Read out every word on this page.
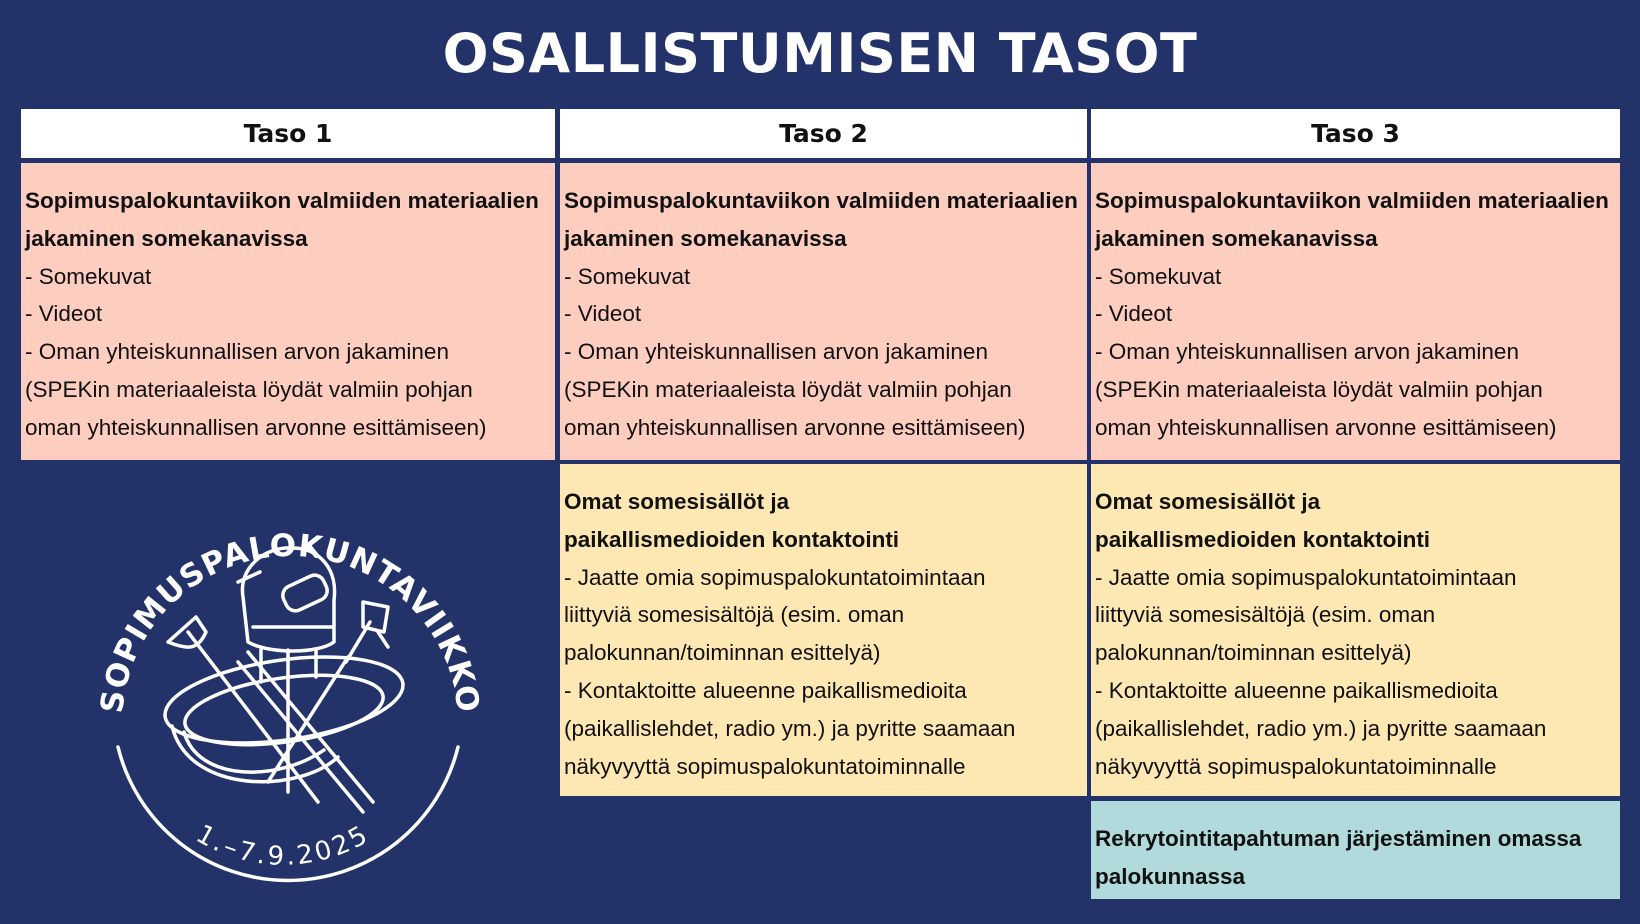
OSALLISTUMISEN TASOT
Taso 1	Taso 2	Taso 3
Sopimuspalokuntaviikon valmiiden materiaalien
jakaminen somekanavissa
- Somekuvat
- Videot
- Oman yhteiskunnallisen arvon jakaminen
(SPEKin materiaaleista löydät valmiin pohjan
oman yhteiskunnallisen arvonne esittämiseen)
Sopimuspalokuntaviikon valmiiden materiaalien
jakaminen somekanavissa
- Somekuvat
- Videot
- Oman yhteiskunnallisen arvon jakaminen
(SPEKin materiaaleista löydät valmiin pohjan
oman yhteiskunnallisen arvonne esittämiseen)
Sopimuspalokuntaviikon valmiiden materiaalien
jakaminen somekanavissa
- Somekuvat
- Videot
- Oman yhteiskunnallisen arvon jakaminen
(SPEKin materiaaleista löydät valmiin pohjan
oman yhteiskunnallisen arvonne esittämiseen)
Omat somesisällöt ja
paikallismedioiden kontaktointi
- Jaatte omia sopimuspalokuntatoimintaan
liittyviä somesisältöjä (esim. oman
palokunnan/toiminnan esittelyä)
- Kontaktoitte alueenne paikallismedioita
(paikallislehdet, radio ym.) ja pyritte saamaan
näkyvyyttä sopimuspalokuntatoiminnalle
Omat somesisällöt ja
paikallismedioiden kontaktointi
- Jaatte omia sopimuspalokuntatoimintaan
liittyviä somesisältöjä (esim. oman
palokunnan/toiminnan esittelyä)
- Kontaktoitte alueenne paikallismedioita
(paikallislehdet, radio ym.) ja pyritte saamaan
näkyvyyttä sopimuspalokuntatoiminnalle
Rekrytointitapahtuman järjestäminen omassa
palokunnassa
SOPIMUSPALOKUNTAVIIKKO
1.–7.9.2025
